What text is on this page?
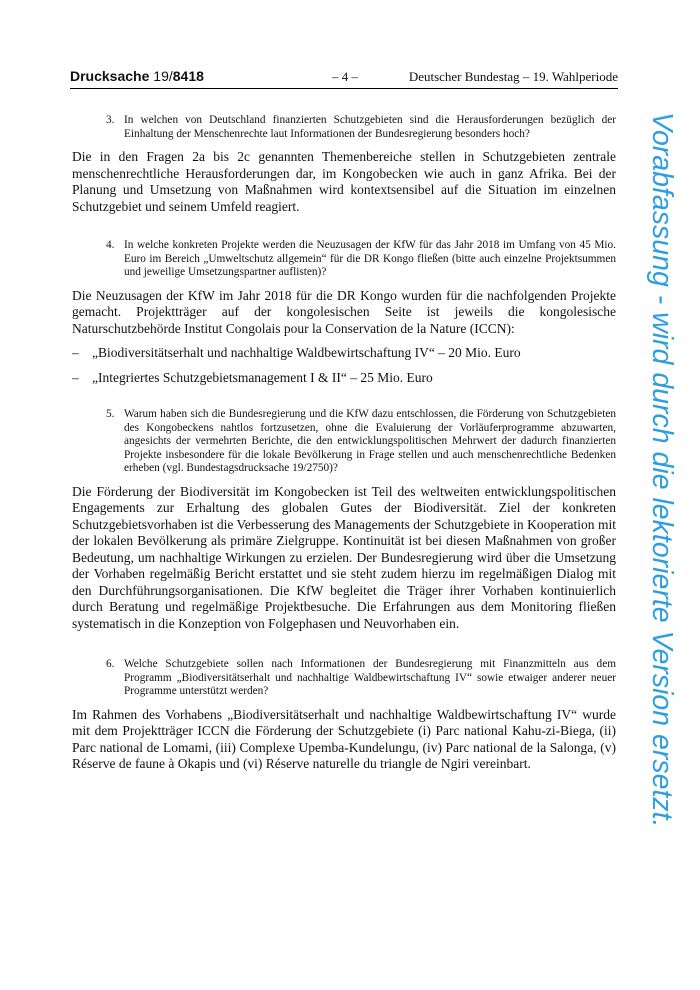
Drucksache 19/8418	– 4 –	Deutscher Bundestag – 19. Wahlperiode
3. In welchen von Deutschland finanzierten Schutzgebieten sind die Herausforderungen bezüglich der Einhaltung der Menschenrechte laut Informationen der Bundesregierung besonders hoch?

Die in den Fragen 2a bis 2c genannten Themenbereiche stellen in Schutzgebieten zentrale menschenrechtliche Herausforderungen dar, im Kongobecken wie auch in ganz Afrika. Bei der Planung und Umsetzung von Maßnahmen wird kontextsensibel auf die Situation im einzelnen Schutzgebiet und seinem Umfeld reagiert.

4. In welche konkreten Projekte werden die Neuzusagen der KfW für das Jahr 2018 im Umfang von 45 Mio. Euro im Bereich „Umweltschutz allgemein“ für die DR Kongo fließen (bitte auch einzelne Projektsummen und jeweilige Umsetzungspartner auflisten)?

Die Neuzusagen der KfW im Jahr 2018 für die DR Kongo wurden für die nachfolgenden Projekte gemacht. Projektträger auf der kongolesischen Seite ist jeweils die kongolesische Naturschutzbehörde Institut Congolais pour la Conservation de la Nature (ICCN):

– „Biodiversitätserhalt und nachhaltige Waldbewirtschaftung IV“ – 20 Mio. Euro
– „Integriertes Schutzgebietsmanagement I & II“ – 25 Mio. Euro
5. Warum haben sich die Bundesregierung und die KfW dazu entschlossen, die Förderung von Schutzgebieten des Kongobeckens nahtlos fortzusetzen, ohne die Evaluierung der Vorläuferprogramme abzuwarten, angesichts der vermehrten Berichte, die den entwicklungspolitischen Mehrwert der dadurch finanzierten Projekte insbesondere für die lokale Bevölkerung in Frage stellen und auch menschenrechtliche Bedenken erheben (vgl. Bundestagsdrucksache 19/2750)?

Die Förderung der Biodiversität im Kongobecken ist Teil des weltweiten entwicklungspolitischen Engagements zur Erhaltung des globalen Gutes der Biodiversität. Ziel der konkreten Schutzgebietsvorhaben ist die Verbesserung des Managements der Schutzgebiete in Kooperation mit der lokalen Bevölkerung als primäre Zielgruppe. Kontinuität ist bei diesen Maßnahmen von großer Bedeutung, um nachhaltige Wirkungen zu erzielen. Der Bundesregierung wird über die Umsetzung der Vorhaben regelmäßig Bericht erstattet und sie steht zudem hierzu im regelmäßigen Dialog mit den Durchführungsorganisationen. Die KfW begleitet die Träger ihrer Vorhaben kontinuierlich durch Beratung und regelmäßige Projektbesuche. Die Erfahrungen aus dem Monitoring fließen systematisch in die Konzeption von Folgephasen und Neuvorhaben ein.

6. Welche Schutzgebiete sollen nach Informationen der Bundesregierung mit Finanzmitteln aus dem Programm „Biodiversitätserhalt und nachhaltige Waldbewirtschaftung IV“ sowie etwaiger anderer neuer Programme unterstützt werden?

Im Rahmen des Vorhabens „Biodiversitätserhalt und nachhaltige Waldbewirtschaftung IV“ wurde mit dem Projektträger ICCN die Förderung der Schutzgebiete (i) Parc national Kahu-zi-Biega, (ii) Parc national de Lomami, (iii) Complexe Upemba-Kundelungu, (iv) Parc national de la Salonga, (v) Réserve de faune à Okapis und (vi) Réserve naturelle du triangle de Ngiri vereinbart.	Vorabfassung - wird durch die lektorierte Version ersetzt.
